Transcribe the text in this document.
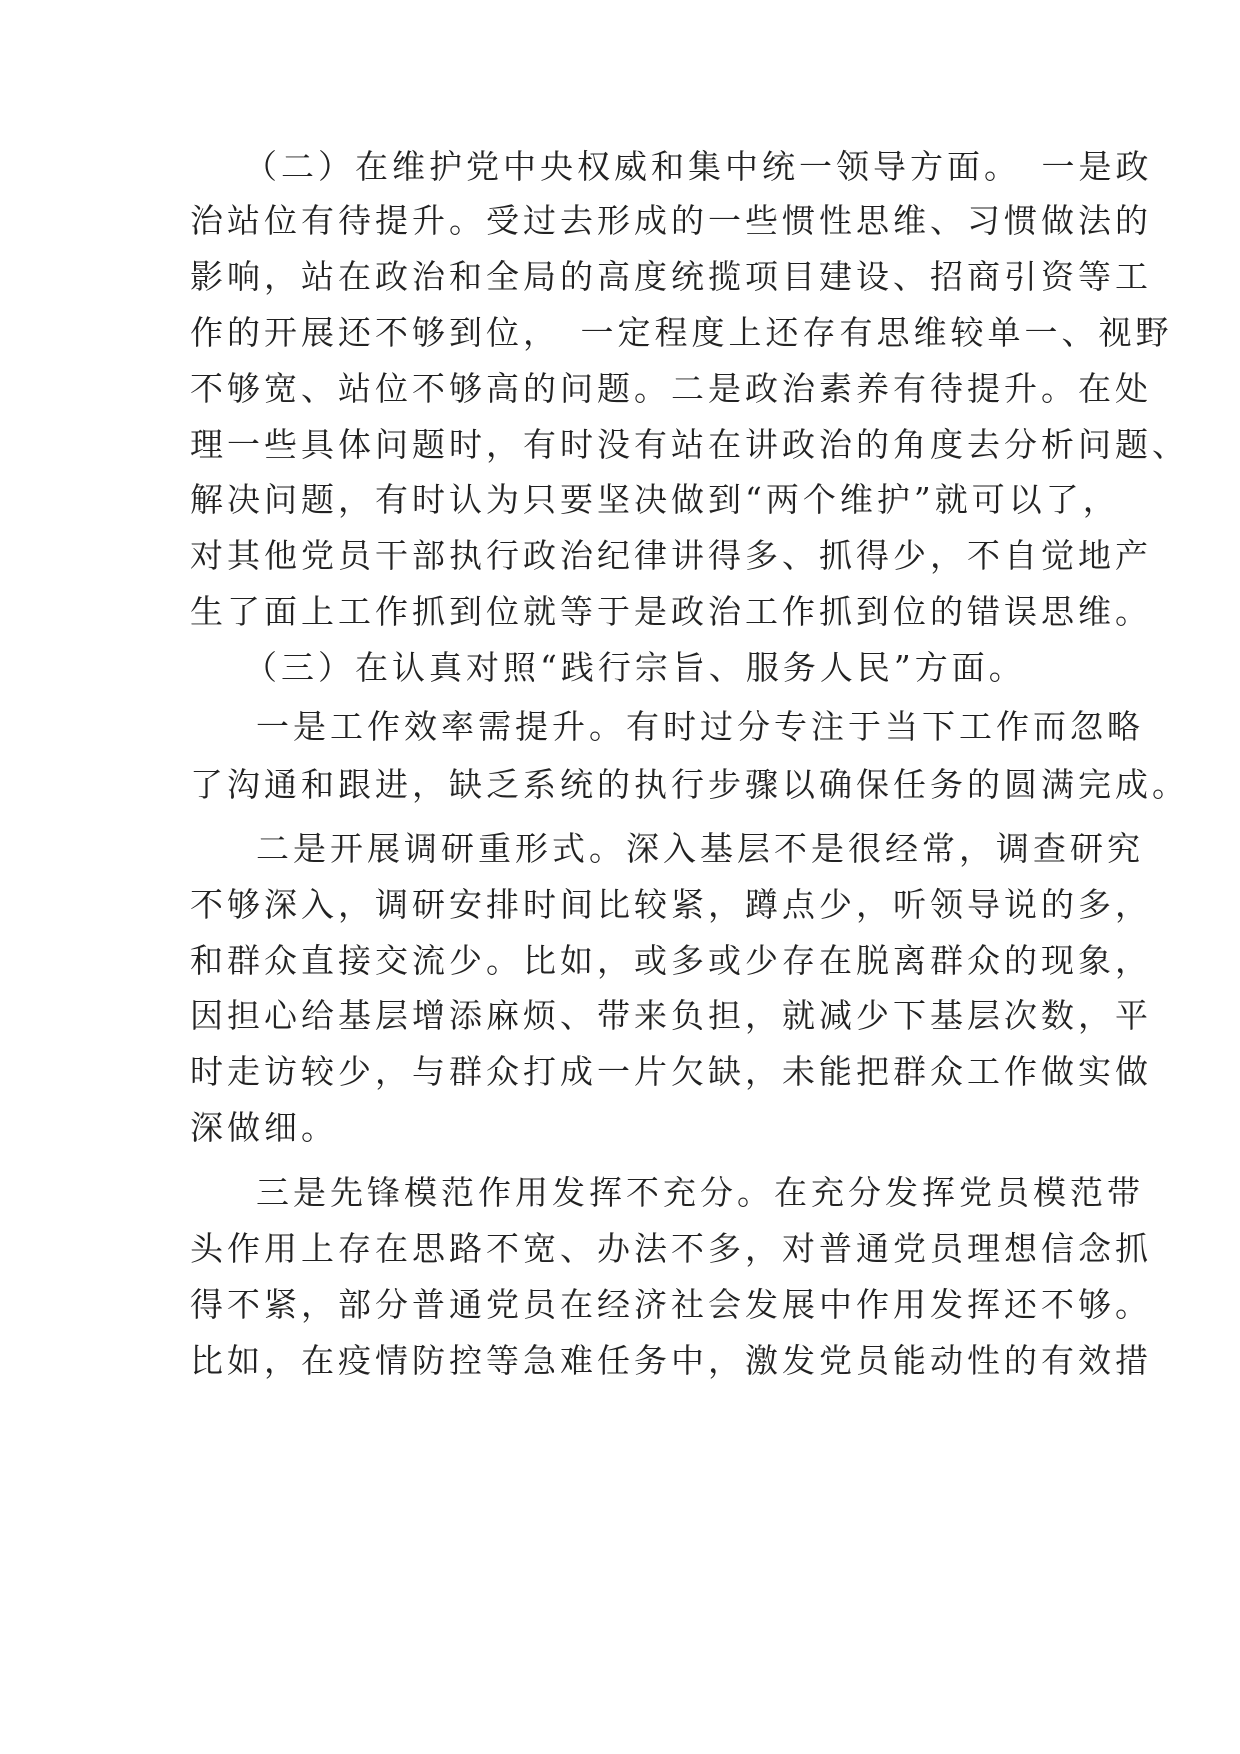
（二）在维护党中央权威和集中统一领导方面。　一是政
治站位有待提升。受过去形成的一些惯性思维、习惯做法的
影响，站在政治和全局的高度统揽项目建设、招商引资等工
作的开展还不够到位，　一定程度上还存有思维较单一、视野
不够宽、站位不够高的问题。二是政治素养有待提升。在处
理一些具体问题时，有时没有站在讲政治的角度去分析问题、
解决问题，有时认为只要坚决做到“两个维护”就可以了，
对其他党员干部执行政治纪律讲得多、抓得少，不自觉地产
生了面上工作抓到位就等于是政治工作抓到位的错误思维。
（三）在认真对照“践行宗旨、服务人民”方面。
一是工作效率需提升。有时过分专注于当下工作而忽略
了沟通和跟进，缺乏系统的执行步骤以确保任务的圆满完成。
二是开展调研重形式。深入基层不是很经常，调查研究
不够深入，调研安排时间比较紧，蹲点少，听领导说的多，
和群众直接交流少。比如，或多或少存在脱离群众的现象，
因担心给基层增添麻烦、带来负担，就减少下基层次数，平
时走访较少，与群众打成一片欠缺，未能把群众工作做实做
深做细。
三是先锋模范作用发挥不充分。在充分发挥党员模范带
头作用上存在思路不宽、办法不多，对普通党员理想信念抓
得不紧，部分普通党员在经济社会发展中作用发挥还不够。
比如，在疫情防控等急难任务中，激发党员能动性的有效措
